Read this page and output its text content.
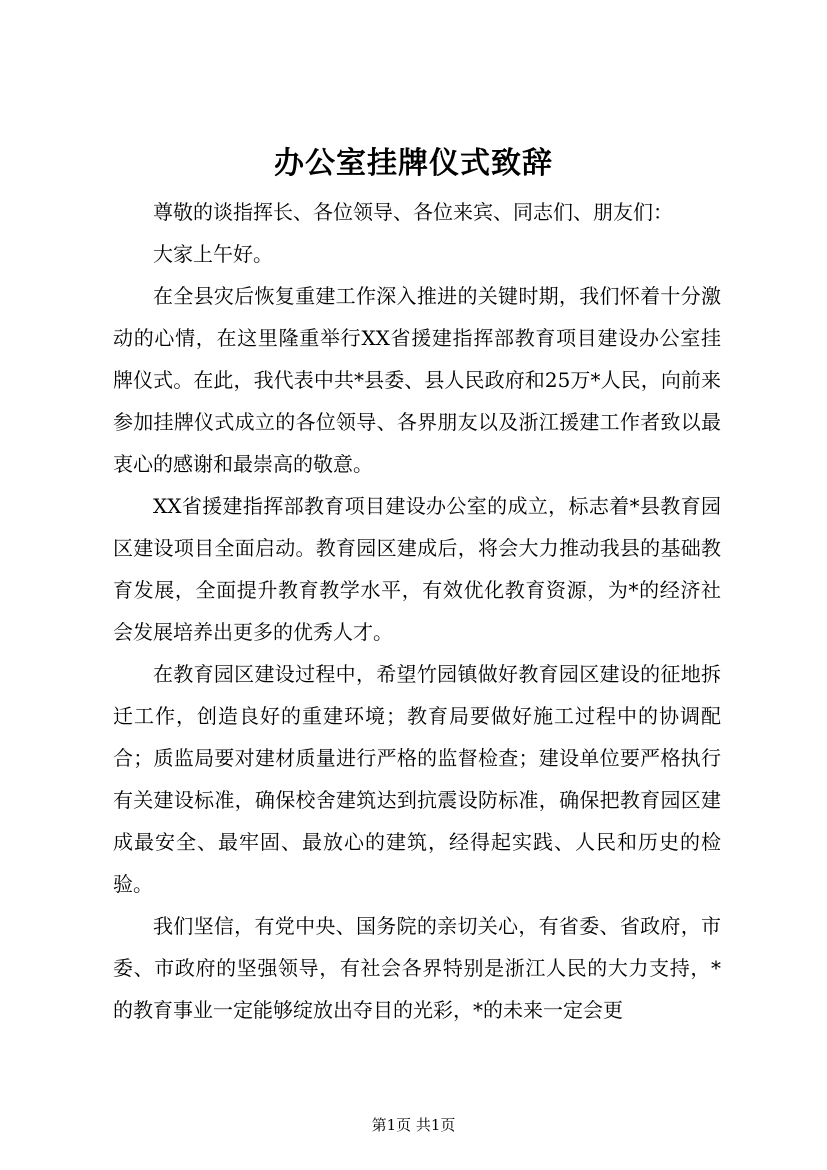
办公室挂牌仪式致辞

尊敬的谈指挥长、各位领导、各位来宾、同志们、朋友们：

大家上午好。

在全县灾后恢复重建工作深入推进的关键时期，我们怀着十分激动的心情，在这里隆重举行XX省援建指挥部教育项目建设办公室挂牌仪式。在此，我代表中共*县委、县人民政府和25万*人民，向前来参加挂牌仪式成立的各位领导、各界朋友以及浙江援建工作者致以最衷心的感谢和最崇高的敬意。

XX省援建指挥部教育项目建设办公室的成立，标志着*县教育园区建设项目全面启动。教育园区建成后，将会大力推动我县的基础教育发展，全面提升教育教学水平，有效优化教育资源，为*的经济社会发展培养出更多的优秀人才。

在教育园区建设过程中，希望竹园镇做好教育园区建设的征地拆迁工作，创造良好的重建环境；教育局要做好施工过程中的协调配合；质监局要对建材质量进行严格的监督检查；建设单位要严格执行有关建设标准，确保校舍建筑达到抗震设防标准，确保把教育园区建成最安全、最牢固、最放心的建筑，经得起实践、人民和历史的检验。

我们坚信，有党中央、国务院的亲切关心，有省委、省政府，市委、市政府的坚强领导，有社会各界特别是浙江人民的大力支持，*的教育事业一定能够绽放出夺目的光彩，*的未来一定会更

第1页 共1页
